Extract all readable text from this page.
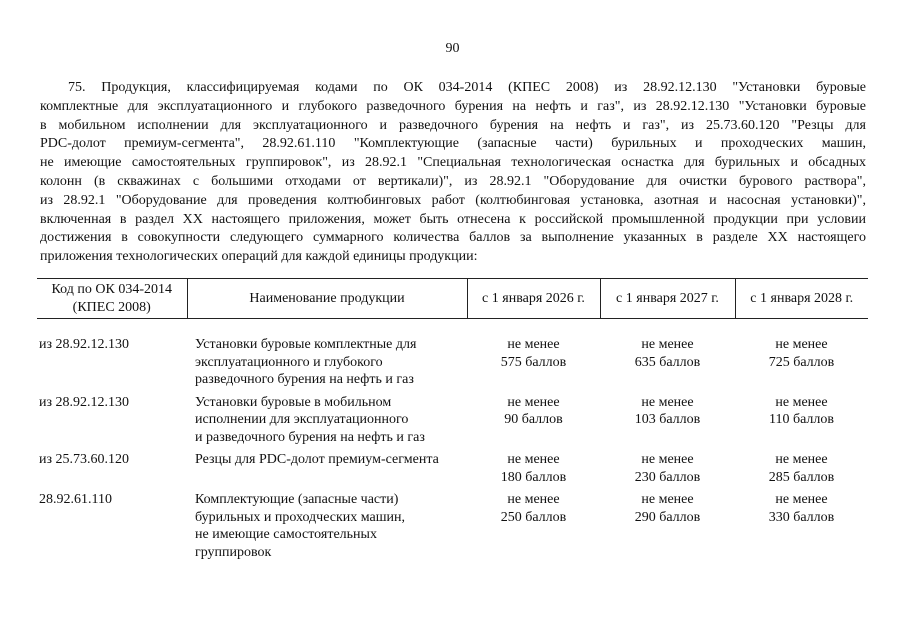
90
75. Продукция, классифицируемая кодами по ОК 034-2014 (КПЕС 2008) из 28.92.12.130 "Установки буровые
комплектные для эксплуатационного и глубокого разведочного бурения на нефть и газ", из 28.92.12.130 "Установки буровые
в мобильном исполнении для эксплуатационного и разведочного бурения на нефть и газ", из 25.73.60.120 "Резцы для
PDC-долот премиум-сегмента", 28.92.61.110 "Комплектующие (запасные части) бурильных и проходческих машин,
не имеющие самостоятельных группировок", из 28.92.1 "Специальная технологическая оснастка для бурильных и обсадных
колонн (в скважинах с большими отходами от вертикали)", из 28.92.1 "Оборудование для очистки бурового раствора",
из 28.92.1 "Оборудование для проведения колтюбинговых работ (колтюбинговая установка, азотная и насосная установки)",
включенная в раздел XX настоящего приложения, может быть отнесена к российской промышленной продукции при условии
достижения в совокупности следующего суммарного количества баллов за выполнение указанных в разделе XX настоящего
приложения технологических операций для каждой единицы продукции:
Код по ОК 034-2014
(КПЕС 2008)	Наименование продукции	с 1 января 2026 г.	с 1 января 2027 г.	с 1 января 2028 г.

из 28.92.12.130	Установки буровые комплектные для
эксплуатационного и глубокого
разведочного бурения на нефть и газ	не менее
575 баллов	не менее
635 баллов	не менее
725 баллов

из 28.92.12.130	Установки буровые в мобильном
исполнении для эксплуатационного
и разведочного бурения на нефть и газ	не менее
90 баллов	не менее
103 баллов	не менее
110 баллов

из 25.73.60.120	Резцы для PDC-долот премиум-сегмента	не менее
180 баллов	не менее
230 баллов	не менее
285 баллов

28.92.61.110	Комплектующие (запасные части)
бурильных и проходческих машин,
не имеющие самостоятельных
группировок	не менее
250 баллов	не менее
290 баллов	не менее
330 баллов
